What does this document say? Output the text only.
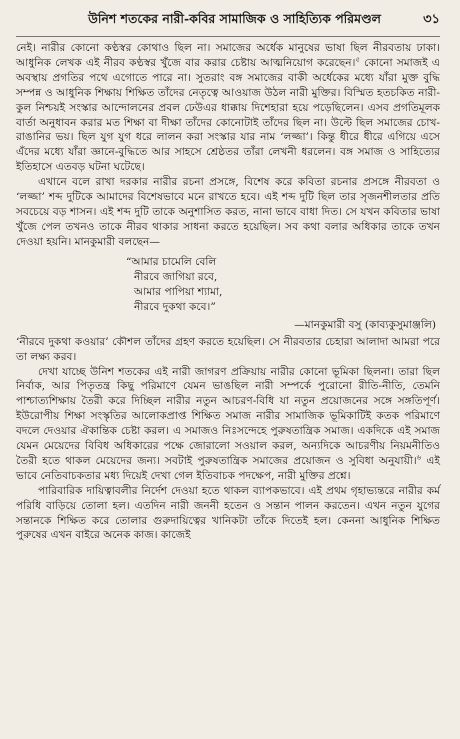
উনিশ শতকের নারী-কবির সামাজিক ও সাহিত্যিক পরিমণ্ডল	৩১

নেই। নারীর কোনো কণ্ঠস্বর কোথাও ছিল না। সমাজের অর্ধেক মানুষের ভাষা ছিল নীরবতায় ঢাকা। আধুনিক লেখক এই নীরব কণ্ঠস্বর খুঁজে বার করার চেষ্টায় আত্মনিয়োগ করেছেন।$^৫$ কোনো সমাজই এ অবস্থায় প্রগতির পথে এগোতে পারে না। সুতরাং বঙ্গ সমাজের বাকী অর্ধেকের মধ্যে যাঁরা মুক্ত বুদ্ধি সম্পন্ন ও আধুনিক শিক্ষায় শিক্ষিত তাঁদের নেতৃত্বে আওয়াজ উঠল নারী মুক্তির। বিস্মিত হতচকিত নারী-কুল নিশ্চয়ই সংস্কার আন্দোলনের প্রবল ঢেউএর ধাক্কায় দিশেহারা হয়ে পড়েছিলেন। এসব প্রগতিমূলক বার্তা অনুধাবন করার মত শিক্ষা বা দীক্ষা তাঁদের কোনোটাই তাঁদের ছিল না। উল্টে ছিল সমাজের চোখ-রাঙানির ভয়। ছিল যুগ যুগ ধরে লালন করা সংস্কার যার নাম ‘লজ্জা’। কিন্তু ধীরে ধীরে এগিয়ে এসে এঁদের মধ্যে যাঁরা জ্ঞানে-বুদ্ধিতে আর সাহসে শ্রেষ্ঠতর তাঁরা লেখনী ধরলেন। বঙ্গ সমাজ ও সাহিত্যের ইতিহাসে এতবড় ঘটনা ঘটেছে।

এখানে বলে রাখা দরকার নারীর রচনা প্রসঙ্গে, বিশেষ করে কবিতা রচনার প্রসঙ্গে নীরবতা ও ‘লজ্জা’ শব্দ দুটিকে আমাদের বিশেষভাবে মনে রাখতে হবে। এই শব্দ দুটি ছিল তার সৃজনশীলতার প্রতি সবচেয়ে বড় শাসন। এই শব্দ দুটি তাকে অনুশাসিত করত, নানা ভাবে বাধা দিত। সে যখন কবিতার ভাষা খুঁজে পেল তখনও তাকে নীরব থাকার সাধনা করতে হয়েছিল। সব কথা বলার অধিকার তাকে তখন দেওয়া হয়নি। মানকুমারী বলছেন—

“আমার চামেলি বেলি
নীরবে জাগিয়া রবে,
আমার পাপিয়া শ্যামা,
নীরবে দুকথা কবে।”
—মানকুমারী বসু (কাব্যকুসুমাঞ্জলি)

‘নীরবে দুকথা কওয়ার’ কৌশল তাঁদের গ্রহণ করতে হয়েছিল। সে নীরবতার চেহারা আলাদা আমরা পরে তা লক্ষ্য করব।

দেখা যাচ্ছে উনিশ শতকের এই নারী জাগরণ প্রক্রিয়ায় নারীর কোনো ভূমিকা ছিলনা। তারা ছিল নির্বাক, আর পিতৃতন্ত্র কিছু পরিমাণে যেমন ভাঙছিল নারী সম্পর্কে পুরোনো রীতি-নীতি, তেমনি পাশ্চাত্যশিক্ষায় তৈরী করে দিচ্ছিল নারীর নতুন আচরণ-বিধি যা নতুন প্রয়োজনের সঙ্গে সঙ্গতিপূর্ণ। ইউরোপীয় শিক্ষা সংস্কৃতির আলোকপ্রাপ্ত শিক্ষিত সমাজ নারীর সামাজিক ভূমিকাটিই কতক পরিমাণে বদলে দেওয়ার ঐকান্তিক চেষ্টা করল। এ সমাজও নিঃসন্দেহে পুরুষতান্ত্রিক সমাজ। একদিকে এই সমাজ যেমন মেয়েদের বিবিধ অধিকারের পক্ষে জোরালো সওয়াল করল, অন্যদিকে আচরণীয় নিয়মনীতিও তৈরী হতে থাকল মেয়েদের জন্য। সবটাই পুরুষতান্ত্রিক সমাজের প্রয়োজন ও সুবিধা অনুযায়ী।$^৬$ এই ভাবে নেতিবাচকতার মধ্য দিয়েই দেখা গেল ইতিবাচক পদক্ষেপ, নারী মুক্তির প্রশ্নে।

পারিবারিক দায়িত্বাবলীর নির্দেশ দেওয়া হতে থাকল ব্যাপকভাবে। এই প্রথম গৃহাভ্যন্তরে নারীর কর্ম পরিধি বাড়িয়ে তোলা হল। এতদিন নারী জননী হতেন ও সন্তান পালন করতেন। এখন নতুন যুগের সন্তানকে শিক্ষিত করে তোলার গুরুদায়িত্বের খানিকটা তাঁকে দিতেই হল। কেননা আধুনিক শিক্ষিত পুরুষের এখন বাইরে অনেক কাজ। কাজেই
